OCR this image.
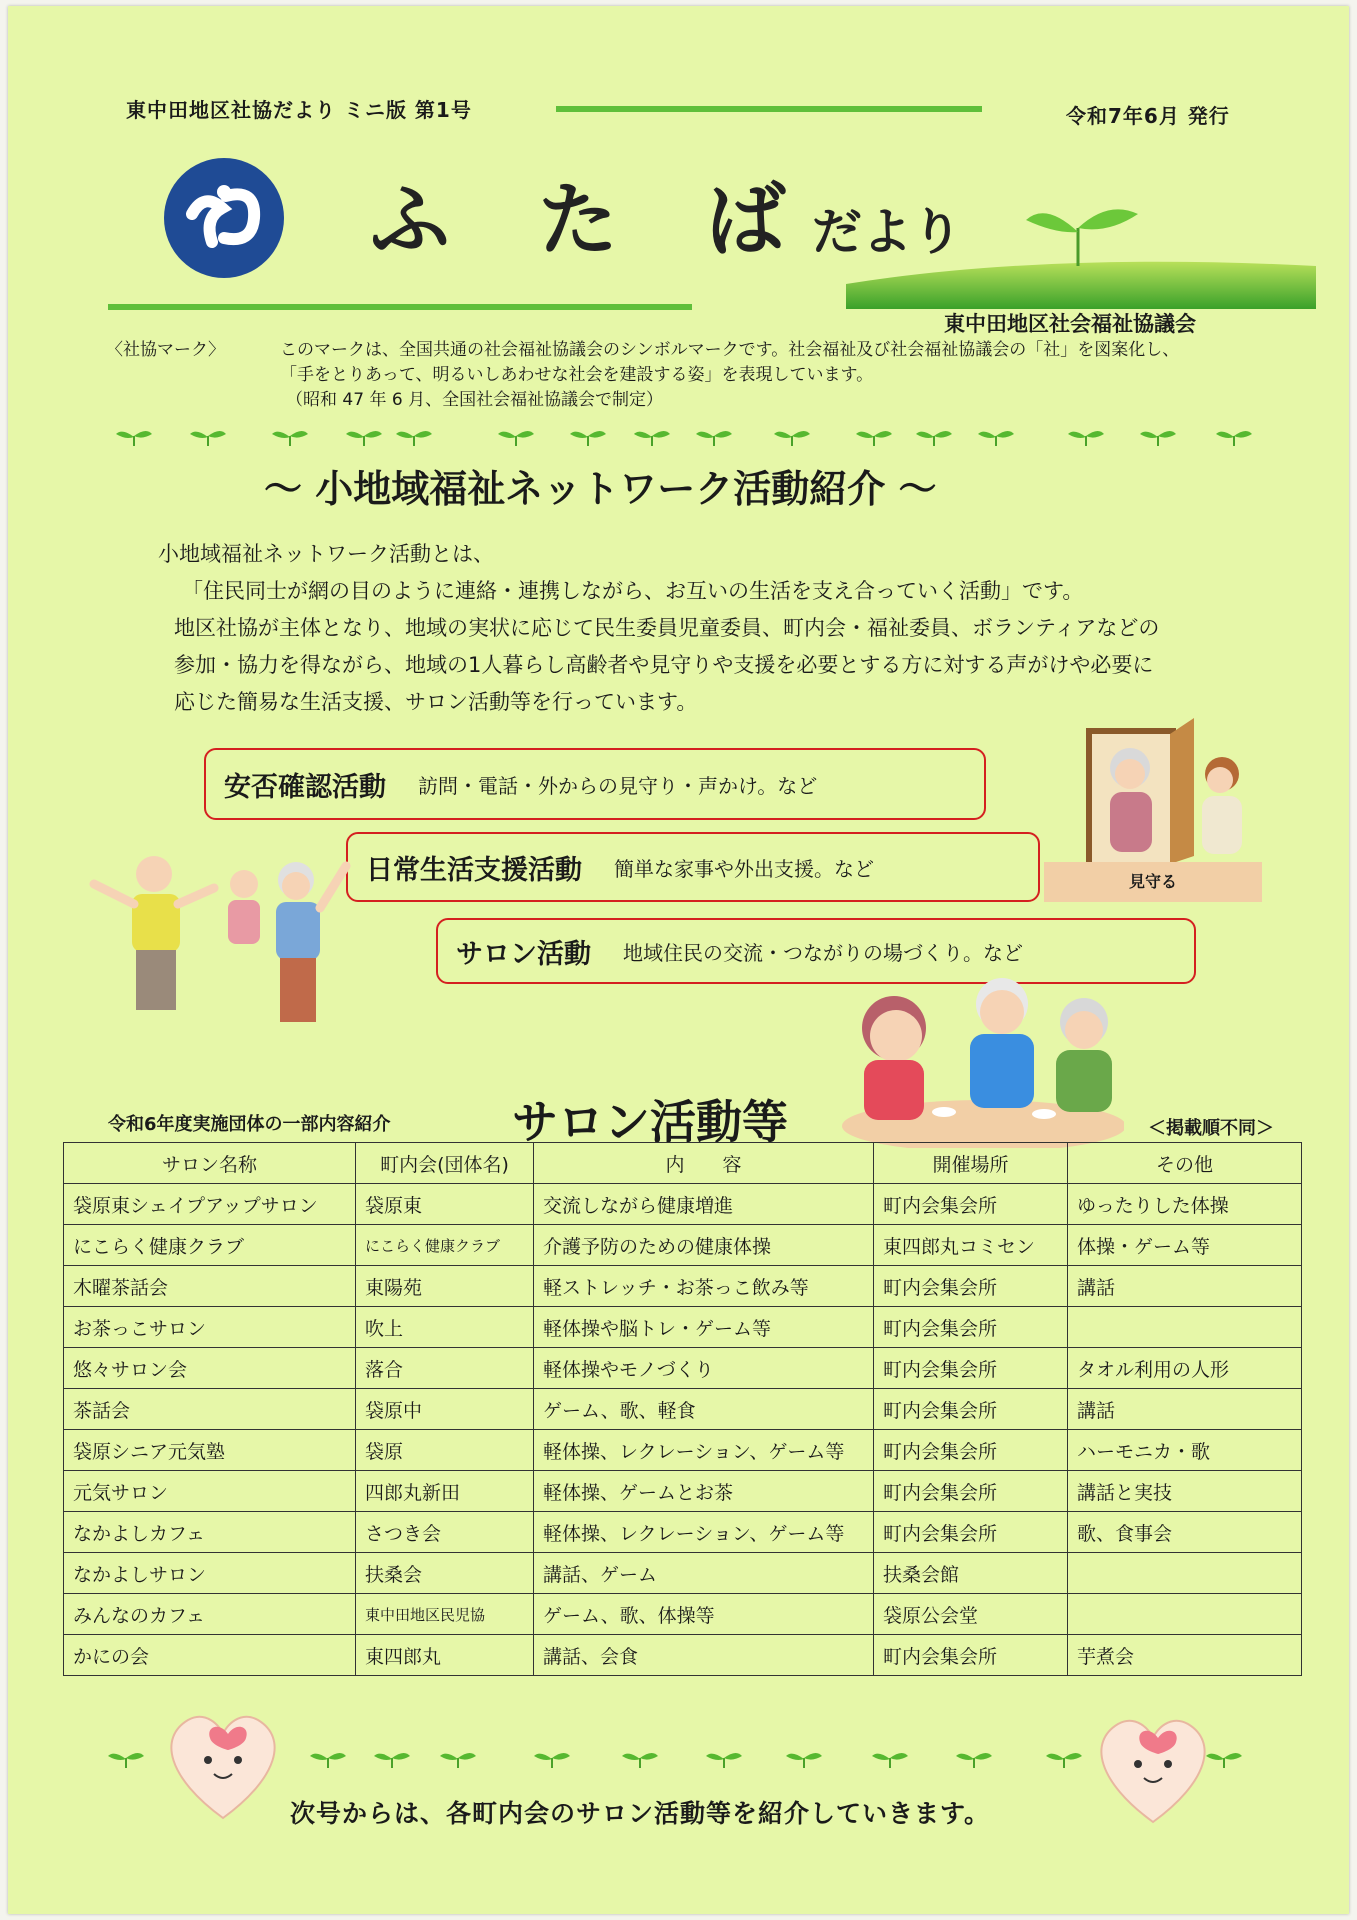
東中田地区社協だより ミニ版 第1号	令和7年6月 発行
ふ た ば
だより
東中田地区社会福祉協議会
〈社協マーク〉	このマークは、全国共通の社会福祉協議会のシンボルマークです。社会福祉及び社会福祉協議会の「社」を図案化し、
「手をとりあって、明るいしあわせな社会を建設する姿」を表現しています。
（昭和 47 年 6 月、全国社会福祉協議会で制定）
～ 小地域福祉ネットワーク活動紹介 ～
小地域福祉ネットワーク活動とは、
「住民同士が網の目のように連絡・連携しながら、お互いの生活を支え合っていく活動」です。
地区社協が主体となり、地域の実状に応じて民生委員児童委員、町内会・福祉委員、ボランティアなどの
参加・協力を得ながら、地域の1人暮らし高齢者や見守りや支援を必要とする方に対する声がけや必要に
応じた簡易な生活支援、サロン活動等を行っています。
安否確認活動 訪問・電話・外からの見守り・声かけ。など
日常生活支援活動 簡単な家事や外出支援。など
サロン活動 地域住民の交流・つながりの場づくり。など
見守る
令和6年度実施団体の一部内容紹介	サロン活動等	＜掲載順不同＞
サロン名称	町内会(団体名)	内　　容	開催場所	その他
袋原東シェイプアップサロン	袋原東	交流しながら健康増進	町内会集会所	ゆったりした体操
にこらく健康クラブ	にこらく健康クラブ	介護予防のための健康体操	東四郎丸コミセン	体操・ゲーム等
木曜茶話会	東陽苑	軽ストレッチ・お茶っこ飲み等	町内会集会所	講話
お茶っこサロン	吹上	軽体操や脳トレ・ゲーム等	町内会集会所	
悠々サロン会	落合	軽体操やモノづくり	町内会集会所	タオル利用の人形
茶話会	袋原中	ゲーム、歌、軽食	町内会集会所	講話
袋原シニア元気塾	袋原	軽体操、レクレーション、ゲーム等	町内会集会所	ハーモニカ・歌
元気サロン	四郎丸新田	軽体操、ゲームとお茶	町内会集会所	講話と実技
なかよしカフェ	さつき会	軽体操、レクレーション、ゲーム等	町内会集会所	歌、食事会
なかよしサロン	扶桑会	講話、ゲーム	扶桑会館	
みんなのカフェ	東中田地区民児協	ゲーム、歌、体操等	袋原公会堂	
かにの会	東四郎丸	講話、会食	町内会集会所	芋煮会
次号からは、各町内会のサロン活動等を紹介していきます。
